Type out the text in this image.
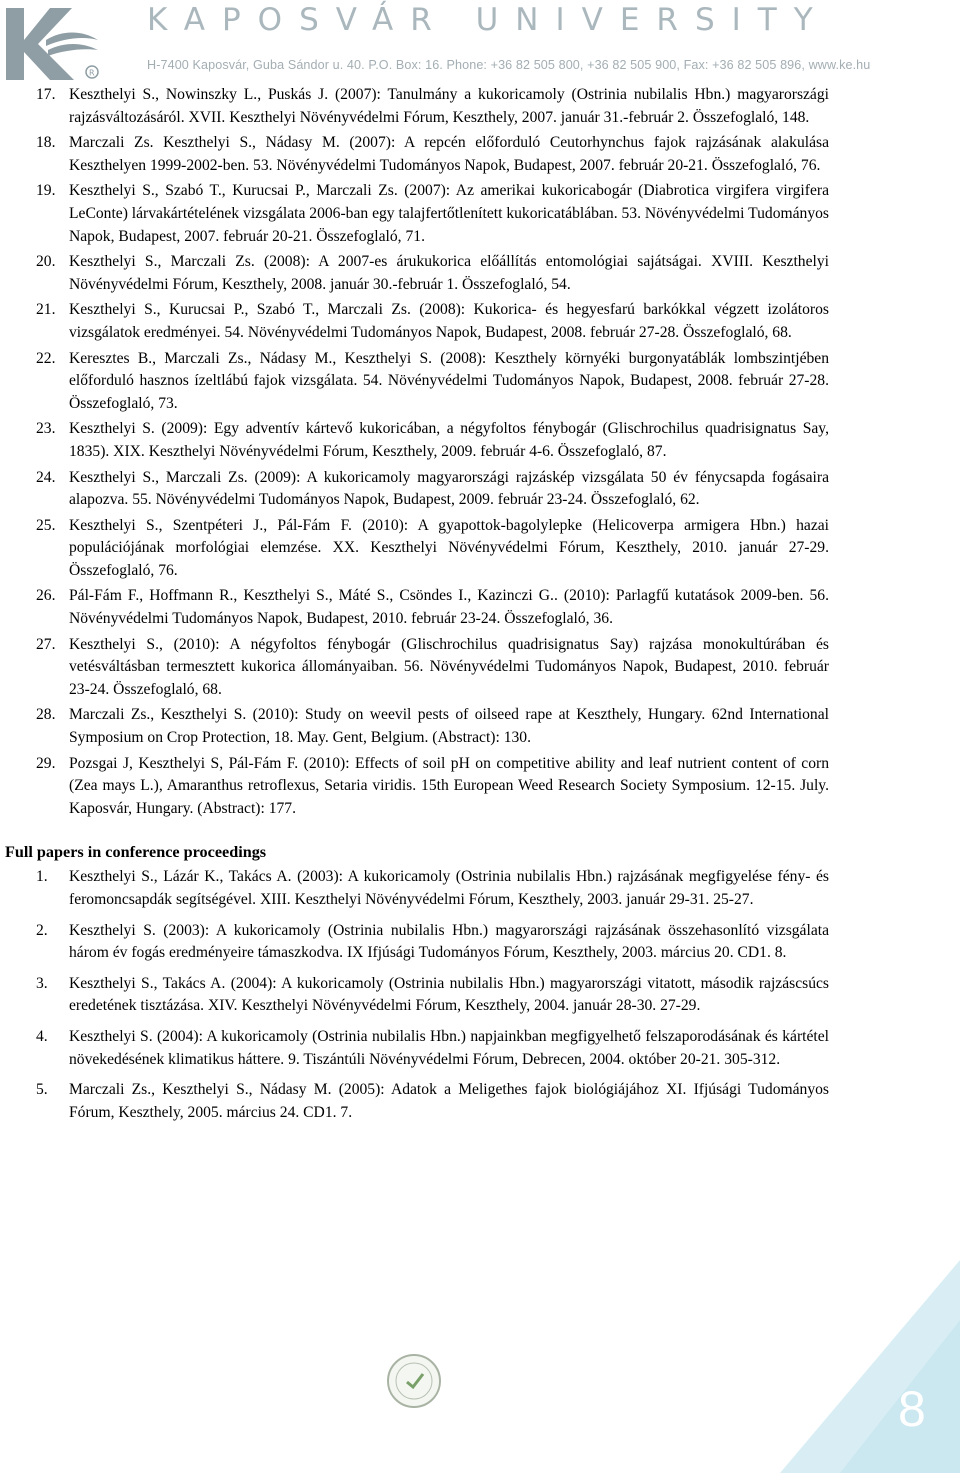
R
KAPOSVÁR UNIVERSITY
H-7400 Kaposvár, Guba Sándor u. 40. P.O. Box: 16. Phone: +36 82 505 800, +36 82 505 900, Fax: +36 82 505 896, www.ke.hu
17. Keszthelyi S., Nowinszky L., Puskás J. (2007): Tanulmány a kukoricamoly (Ostrinia nubilalis Hbn.) magyarországi rajzásváltozásáról. XVII. Keszthelyi Növényvédelmi Fórum, Keszthely, 2007. január 31.-február 2. Összefoglaló, 148.
18. Marczali Zs. Keszthelyi S., Nádasy M. (2007): A repcén előforduló Ceutorhynchus fajok rajzásának alakulása Keszthelyen 1999-2002-ben. 53. Növényvédelmi Tudományos Napok, Budapest, 2007. február 20-21. Összefoglaló, 76.
19. Keszthelyi S., Szabó T., Kurucsai P., Marczali Zs. (2007): Az amerikai kukoricabogár (Diabrotica virgifera virgifera LeConte) lárvakártételének vizsgálata 2006-ban egy talajfertőtlenített kukoricatáblában. 53. Növényvédelmi Tudományos Napok, Budapest, 2007. február 20-21. Összefoglaló, 71.
20. Keszthelyi S., Marczali Zs. (2008): A 2007-es árukukorica előállítás entomológiai sajátságai. XVIII. Keszthelyi Növényvédelmi Fórum, Keszthely, 2008. január 30.-február 1. Összefoglaló, 54.
21. Keszthelyi S., Kurucsai P., Szabó T., Marczali Zs. (2008): Kukorica- és hegyesfarú barkókkal végzett izolátoros vizsgálatok eredményei. 54. Növényvédelmi Tudományos Napok, Budapest, 2008. február 27-28. Összefoglaló, 68.
22. Keresztes B., Marczali Zs., Nádasy M., Keszthelyi S. (2008): Keszthely környéki burgonyatáblák lombszintjében előforduló hasznos ízeltlábú fajok vizsgálata. 54. Növényvédelmi Tudományos Napok, Budapest, 2008. február 27-28. Összefoglaló, 73.
23. Keszthelyi S. (2009): Egy adventív kártevő kukoricában, a négyfoltos fénybogár (Glischrochilus quadrisignatus Say, 1835). XIX. Keszthelyi Növényvédelmi Fórum, Keszthely, 2009. február 4-6. Összefoglaló, 87.
24. Keszthelyi S., Marczali Zs. (2009): A kukoricamoly magyarországi rajzáskép vizsgálata 50 év fénycsapda fogásaira alapozva. 55. Növényvédelmi Tudományos Napok, Budapest, 2009. február 23-24. Összefoglaló, 62.
25. Keszthelyi S., Szentpéteri J., Pál-Fám F. (2010): A gyapottok-bagolylepke (Helicoverpa armigera Hbn.) hazai populációjának morfológiai elemzése. XX. Keszthelyi Növényvédelmi Fórum, Keszthely, 2010. január 27-29. Összefoglaló, 76.
26. Pál-Fám F., Hoffmann R., Keszthelyi S., Máté S., Csöndes I., Kazinczi G.. (2010): Parlagfű kutatások 2009-ben. 56. Növényvédelmi Tudományos Napok, Budapest, 2010. február 23-24. Összefoglaló, 36.
27. Keszthelyi S., (2010): A négyfoltos fénybogár (Glischrochilus quadrisignatus Say) rajzása monokultúrában és vetésváltásban termesztett kukorica állományaiban. 56. Növényvédelmi Tudományos Napok, Budapest, 2010. február 23-24. Összefoglaló, 68.
28. Marczali Zs., Keszthelyi S. (2010): Study on weevil pests of oilseed rape at Keszthely, Hungary. 62nd International Symposium on Crop Protection, 18. May. Gent, Belgium. (Abstract): 130.
29. Pozsgai J, Keszthelyi S, Pál-Fám F. (2010): Effects of soil pH on competitive ability and leaf nutrient content of corn (Zea mays L.), Amaranthus retroflexus, Setaria viridis. 15th European Weed Research Society Symposium. 12-15. July. Kaposvár, Hungary. (Abstract): 177.
Full papers in conference proceedings
1. Keszthelyi S., Lázár K., Takács A. (2003): A kukoricamoly (Ostrinia nubilalis Hbn.) rajzásának megfigyelése fény- és feromoncsapdák segítségével. XIII. Keszthelyi Növényvédelmi Fórum, Keszthely, 2003. január 29-31. 25-27.
2. Keszthelyi S. (2003): A kukoricamoly (Ostrinia nubilalis Hbn.) magyarországi rajzásának összehasonlító vizsgálata három év fogás eredményeire támaszkodva. IX Ifjúsági Tudományos Fórum, Keszthely, 2003. március 20. CD1. 8.
3. Keszthelyi S., Takács A. (2004): A kukoricamoly (Ostrinia nubilalis Hbn.) magyarországi vitatott, második rajzáscsúcs eredetének tisztázása. XIV. Keszthelyi Növényvédelmi Fórum, Keszthely, 2004. január 28-30. 27-29.
4. Keszthelyi S. (2004): A kukoricamoly (Ostrinia nubilalis Hbn.) napjainkban megfigyelhető felszaporodásának és kártétel növekedésének klimatikus háttere. 9. Tiszántúli Növényvédelmi Fórum, Debrecen, 2004. október 20-21. 305-312.
5. Marczali Zs., Keszthelyi S., Nádasy M. (2005): Adatok a Meligethes fajok biológiájához XI. Ifjúsági Tudományos Fórum, Keszthely, 2005. március 24. CD1. 7.
8
